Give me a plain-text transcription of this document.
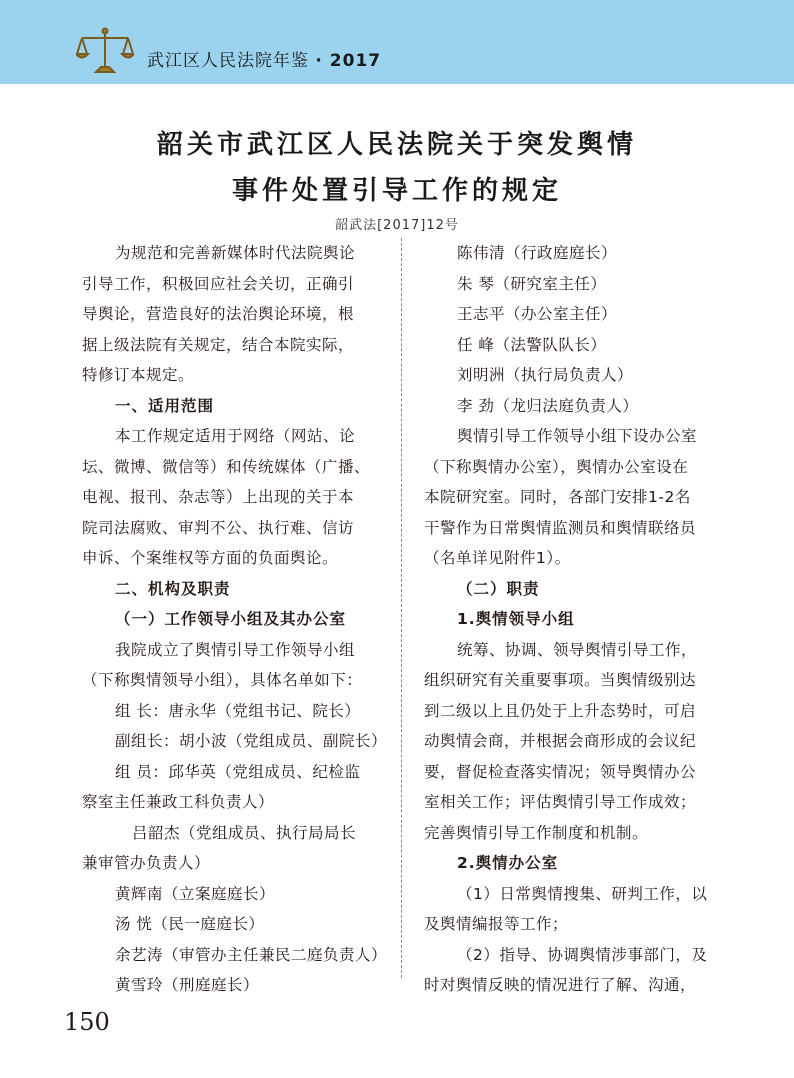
武江区人民法院年鉴 · 2017
韶关市武江区人民法院关于突发舆情
事件处置引导工作的规定
韶武法[2017]12号
为规范和完善新媒体时代法院舆论
引导工作，积极回应社会关切，正确引
导舆论，营造良好的法治舆论环境，根
据上级法院有关规定，结合本院实际，
特修订本规定。
一、适用范围
本工作规定适用于网络（网站、论
坛、微博、微信等）和传统媒体（广播、
电视、报刊、杂志等）上出现的关于本
院司法腐败、审判不公、执行难、信访
申诉、个案维权等方面的负面舆论。
二、机构及职责
（一）工作领导小组及其办公室
我院成立了舆情引导工作领导小组
（下称舆情领导小组），具体名单如下：
组 长：唐永华（党组书记、院长）
副组长：胡小波（党组成员、副院长）
组 员：邱华英（党组成员、纪检监
察室主任兼政工科负责人）
吕韶杰（党组成员、执行局局长
兼审管办负责人）
黄辉南（立案庭庭长）
汤 恍（民一庭庭长）
余艺涛（审管办主任兼民二庭负责人）
黄雪玲（刑庭庭长）
陈伟清（行政庭庭长）
朱 琴（研究室主任）
王志平（办公室主任）
任 峰（法警队队长）
刘明洲（执行局负责人）
李 劲（龙归法庭负责人）
舆情引导工作领导小组下设办公室
（下称舆情办公室），舆情办公室设在
本院研究室。同时，各部门安排1-2名
干警作为日常舆情监测员和舆情联络员
（名单详见附件1）。
（二）职责
1.舆情领导小组
统筹、协调、领导舆情引导工作，
组织研究有关重要事项。当舆情级别达
到二级以上且仍处于上升态势时，可启
动舆情会商，并根据会商形成的会议纪
要，督促检查落实情况；领导舆情办公
室相关工作；评估舆情引导工作成效；
完善舆情引导工作制度和机制。
2.舆情办公室
（1）日常舆情搜集、研判工作，以
及舆情编报等工作；
（2）指导、协调舆情涉事部门，及
时对舆情反映的情况进行了解、沟通，
150
